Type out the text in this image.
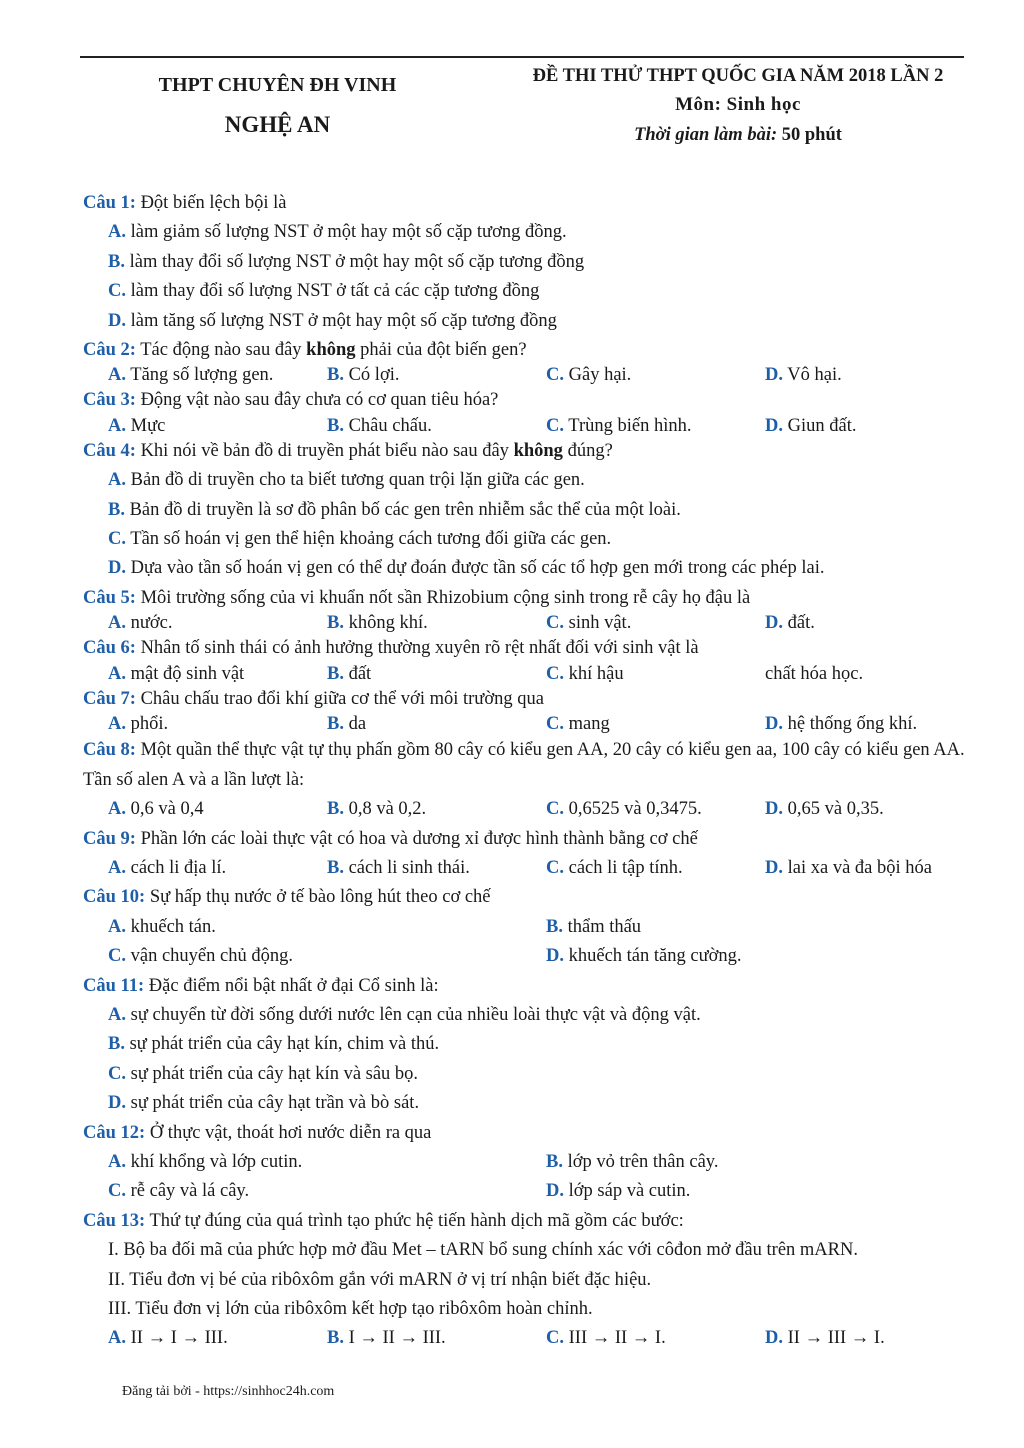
THPT CHUYÊN ĐH VINH
NGHỆ AN
ĐỀ THI THỬ THPT QUỐC GIA NĂM 2018 LẦN 2
Môn: Sinh học
Thời gian làm bài: 50 phút
Câu 1: Đột biến lệch bội là
A. làm giảm số lượng NST ở một hay một số cặp tương đồng.
B. làm thay đổi số lượng NST ở một hay một số cặp tương đồng
C. làm thay đổi số lượng NST ở tất cả các cặp tương đồng
D. làm tăng số lượng NST ở một hay một số cặp tương đồng
Câu 2: Tác động nào sau đây không phải của đột biến gen?
A. Tăng số lượng gen.	B. Có lợi.	C. Gây hại.	D. Vô hại.
Câu 3: Động vật nào sau đây chưa có cơ quan tiêu hóa?
A. Mực	B. Châu chấu.	C. Trùng biến hình.	D. Giun đất.
Câu 4: Khi nói về bản đồ di truyền phát biểu nào sau đây không đúng?
A. Bản đồ di truyền cho ta biết tương quan trội lặn giữa các gen.
B. Bản đồ di truyền là sơ đồ phân bố các gen trên nhiễm sắc thể của một loài.
C. Tần số hoán vị gen thể hiện khoảng cách tương đối giữa các gen.
D. Dựa vào tần số hoán vị gen có thể dự đoán được tần số các tổ hợp gen mới trong các phép lai.
Câu 5: Môi trường sống của vi khuẩn nốt sần Rhizobium cộng sinh trong rễ cây họ đậu là
A. nước.	B. không khí.	C. sinh vật.	D. đất.
Câu 6: Nhân tố sinh thái có ảnh hưởng thường xuyên rõ rệt nhất đối với sinh vật là
A. mật độ sinh vật	B. đất	C. khí hậu	chất hóa học.
Câu 7: Châu chấu trao đổi khí giữa cơ thể với môi trường qua
A. phổi.	B. da	C. mang	D. hệ thống ống khí.
Câu 8: Một quần thể thực vật tự thụ phấn gồm 80 cây có kiểu gen AA, 20 cây có kiểu gen aa, 100 cây có kiểu gen AA. Tần số alen A và a lần lượt là:
A. 0,6 và 0,4	B. 0,8 và 0,2.	C. 0,6525 và 0,3475.	D. 0,65 và 0,35.
Câu 9: Phần lớn các loài thực vật có hoa và dương xỉ được hình thành bằng cơ chế
A. cách li địa lí.	B. cách li sinh thái.	C. cách li tập tính.	D. lai xa và đa bội hóa
Câu 10: Sự hấp thụ nước ở tế bào lông hút theo cơ chế
A. khuếch tán.	B. thẩm thấu
C. vận chuyển chủ động.	D. khuếch tán tăng cường.
Câu 11: Đặc điểm nổi bật nhất ở đại Cổ sinh là:
A. sự chuyển từ đời sống dưới nước lên cạn của nhiều loài thực vật và động vật.
B. sự phát triển của cây hạt kín, chim và thú.
C. sự phát triển của cây hạt kín và sâu bọ.
D. sự phát triển của cây hạt trần và bò sát.
Câu 12: Ở thực vật, thoát hơi nước diễn ra qua
A. khí khổng và lớp cutin.	B. lớp vỏ trên thân cây.
C. rễ cây và lá cây.	D. lớp sáp và cutin.
Câu 13: Thứ tự đúng của quá trình tạo phức hệ tiến hành dịch mã gồm các bước:
I. Bộ ba đối mã của phức hợp mở đầu Met – tARN bổ sung chính xác với côđon mở đầu trên mARN.
II. Tiểu đơn vị bé của ribôxôm gắn với mARN ở vị trí nhận biết đặc hiệu.
III. Tiểu đơn vị lớn của ribôxôm kết hợp tạo ribôxôm hoàn chỉnh.
A. II → I → III.	B. I → II → III.	C. III → II → I.	D. II → III → I.
Đăng tải bởi - https://sinhhoc24h.com
